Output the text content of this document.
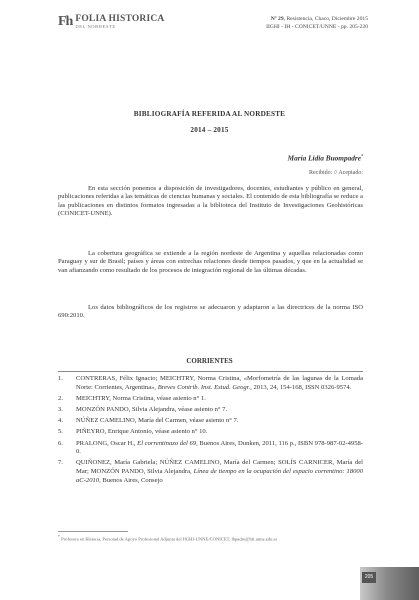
Fh FOLIA HISTORICA
DEL NORDESTE
Nº 29, Resistencia, Chaco, Diciembre 2015
IIGHI - IH - CONICET/UNNE - pp. 205-220
BIBLIOGRAFÍA REFERIDA AL NORDESTE
2014 – 2015
María Lidia Buompadre*
Recibido: // Aceptado:

En esta sección ponemos a disposición de investigadores, docentes, estudiantes y público en general, publicaciones referidas a las temáticas de ciencias humanas y sociales. El contenido de esta bibliografía se reduce a las publicaciones en distintos formatos ingresadas a la biblioteca del Instituto de Investigaciones Geohistóricas (CONICET-UNNE).

La cobertura geográfica se extiende a la región nordeste de Argentina y aquellas relacionadas como Paraguay y sur de Brasil; países y áreas con estrechas relaciones desde tiempos pasados, y que en la actualidad se van afianzando como resultado de los procesos de integración regional de las últimas décadas.

Los datos bibliográficos de los registros se adecuaron y adaptaron a las directrices de la norma ISO 690:2010.

CORRIENTES
1.	CONTRERAS, Félix Ignacio; MEICHTRY, Norma Cristina, «Morfometría de las lagunas de la Lomada Norte: Corrientes, Argentina», Breves Contrib. Inst. Estud. Geogr., 2013, 24, 154-168, ISSN 0326-9574.
2.	MEICHTRY, Norma Cristina, véase asiento n° 1.
3.	MONZÓN PANDO, Silvia Alejandra, véase asiento n° 7.
4.	NÚÑEZ CAMELINO, María del Carmen, véase asiento n° 7.
5.	PIÑEYRO, Enrique Antonio, véase asiento n° 10.
6.	PRALONG, Oscar H., El correntinazo del 69, Buenos Aires, Dunken, 2011, 116 p., ISBN 978-987-02-4958-0.
7.	QUIÑONEZ, María Gabriela; NÚÑEZ CAMELINO, María del Carmen; SOLÍS CARNICER, María del Mar; MONZÓN PANDO, Silvia Alejandra, Línea de tiempo en la ocupación del espacio correntino: 18000 aC-2010, Buenos Aires, Consejo
* Profesora en Historia, Personal de Apoyo Profesional Adjunta del IIGHI-UNNE/CONICET, lbpadre@hft.unne.edu.ar
205
